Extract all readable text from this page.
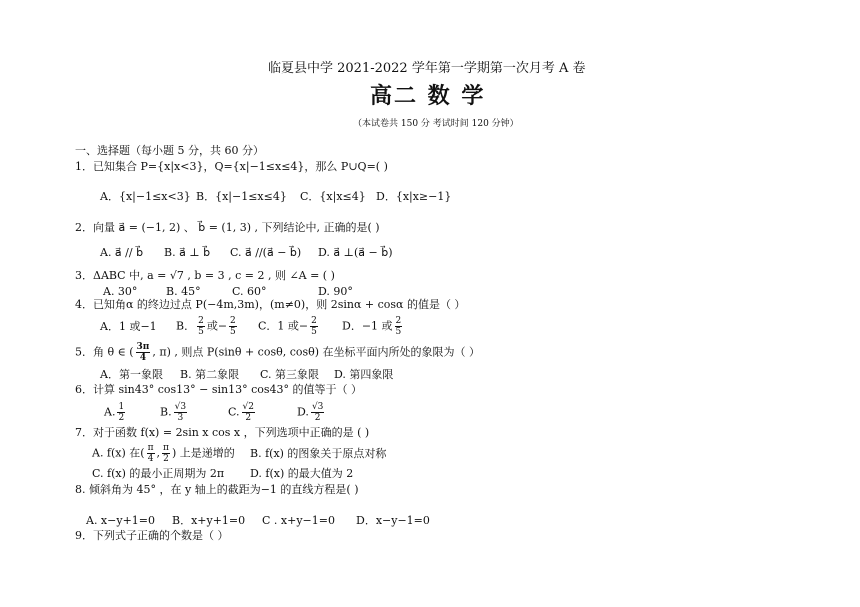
临夏县中学 2021-2022 学年第一学期第一次月考 A 卷
高二 数 学
（本试卷共 150 分 考试时间 120 分钟）
一、选择题（每小题 5 分，共 60 分）
1．已知集合 P={x|x<3}，Q={x|−1≤x≤4}，那么 P∪Q=( )
A．{x|−1≤x<3} B．{x|−1≤x≤4} C．{x|x≤4} D．{x|x≥−1}
2．向量 a⃗ = (−1, 2) 、 b⃗ = (1, 3) , 下列结论中, 正确的是( )
A. a⃗ // b⃗ B. a⃗ ⊥ b⃗ C. a⃗ //(a⃗ − b⃗) D. a⃗ ⊥(a⃗ − b⃗)
3．ΔABC 中, a = √7 , b = 3 , c = 2 , 则 ∠A = ( )
A. 30°	B. 45°	C. 60°	D. 90°
4．已知角α 的终边过点 P(−4m,3m)，(m≠0)，则 2sinα + cosα 的值是（ ）
A．1 或−1 B． $\frac{2}{5}$ 或− $\frac{2}{5}$ C．1 或− $\frac{2}{5}$ D．−1 或 $\frac{2}{5}$
5．角 θ ∈ ( $\frac{3\pi}{4}$ , π) , 则点 P(sinθ + cosθ, cosθ) 在坐标平面内所处的象限为（ ）
A．第一象限 B. 第二象限 C. 第三象限 D. 第四象限
6．计算 sin43° cos13° − sin13° cos43° 的值等于（ ）
A. $\frac{1}{2}$	B. $\frac{√3}{3}$	C. $\frac{√2}{2}$	D. $\frac{√3}{2}$
7．对于函数 f(x) = 2sin x cos x ，下列选项中正确的是 ( )
A. f(x) 在( $\frac{\pi}{4}$ , $\frac{\pi}{2}$ ) 上是递增的 B. f(x) 的图象关于原点对称
C. f(x) 的最小正周期为 2π D. f(x) 的最大值为 2
8. 倾斜角为 45° ，在 y 轴上的截距为−1 的直线方程是( )
A. x−y+1=0 B．x+y+1=0 C . x+y−1=0 D．x−y−1=0
9．下列式子正确的个数是（ ）
